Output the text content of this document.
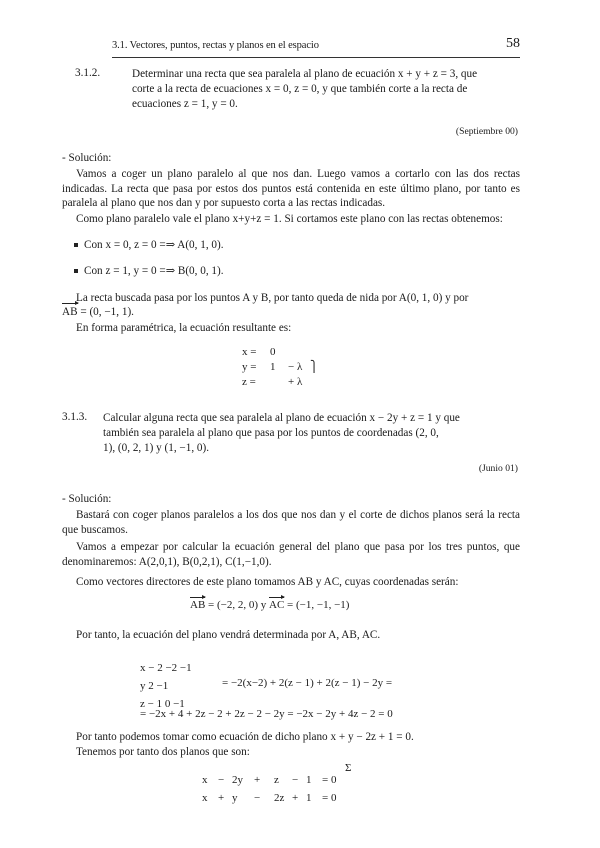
3.1. Vectores, puntos, rectas y planos en el espacio	58
3.1.2.	Determinar una recta que sea paralela al plano de ecuación x + y + z = 3, que
corte a la recta de ecuaciones x = 0, z = 0, y que también corte a la recta de
ecuaciones z = 1, y = 0.
(Septiembre 00)
- Solución:
Vamos a coger un plano paralelo al que nos dan. Luego vamos a cortarlo con las dos rectas indicadas. La recta que pasa por estos dos puntos está contenida en este último plano, por tanto es paralela al plano que nos dan y por supuesto corta a las rectas indicadas.
Como plano paralelo vale el plano x+y+z = 1. Si cortamos este plano con las rectas obtenemos:
Con x = 0, z = 0 =⇒ A(0, 1, 0).
Con z = 1, y = 0 =⇒ B(0, 0, 1).
La recta buscada pasa por los puntos A y B, por tanto queda de nida por A(0, 1, 0) y por
AB = (0, −1, 1).
En forma paramétrica, la ecuación resultante es:
x = 0
y = 1 − λ ⎫
z =	+ λ
3.1.3. Calcular alguna recta que sea paralela al plano de ecuación x − 2y + z = 1 y que
también sea paralela al plano que pasa por los puntos de coordenadas (2, 0,
1), (0, 2, 1) y (1, −1, 0).
(Junio 01)
- Solución:
Bastará con coger planos paralelos a los dos que nos dan y el corte de dichos planos será la recta que buscamos.
Vamos a empezar por calcular la ecuación general del plano que pasa por los tres puntos, que denominaremos: A(2,0,1), B(0,2,1), C(1,−1,0).
Como vectores directores de este plano tomamos AB y AC, cuyas coordenadas serán:
AB = (−2, 2, 0) y AC = (−1, −1, −1)
Por tanto, la ecuación del plano vendrá determinada por A, AB, AC.
x − 2 −2 −1
y 2 −1
z − 1 0 −1
= −2(x−2) + 2(z − 1) + 2(z − 1) − 2y =
= −2x + 4 + 2z − 2 + 2z − 2 − 2y = −2x − 2y + 4z − 2 = 0
Por tanto podemos tomar como ecuación de dicho plano x + y − 2z + 1 = 0.
Tenemos por tanto dos planos que son:
x − 2y + z − 1 = 0
x + y − 2z + 1 = 0
Σ
